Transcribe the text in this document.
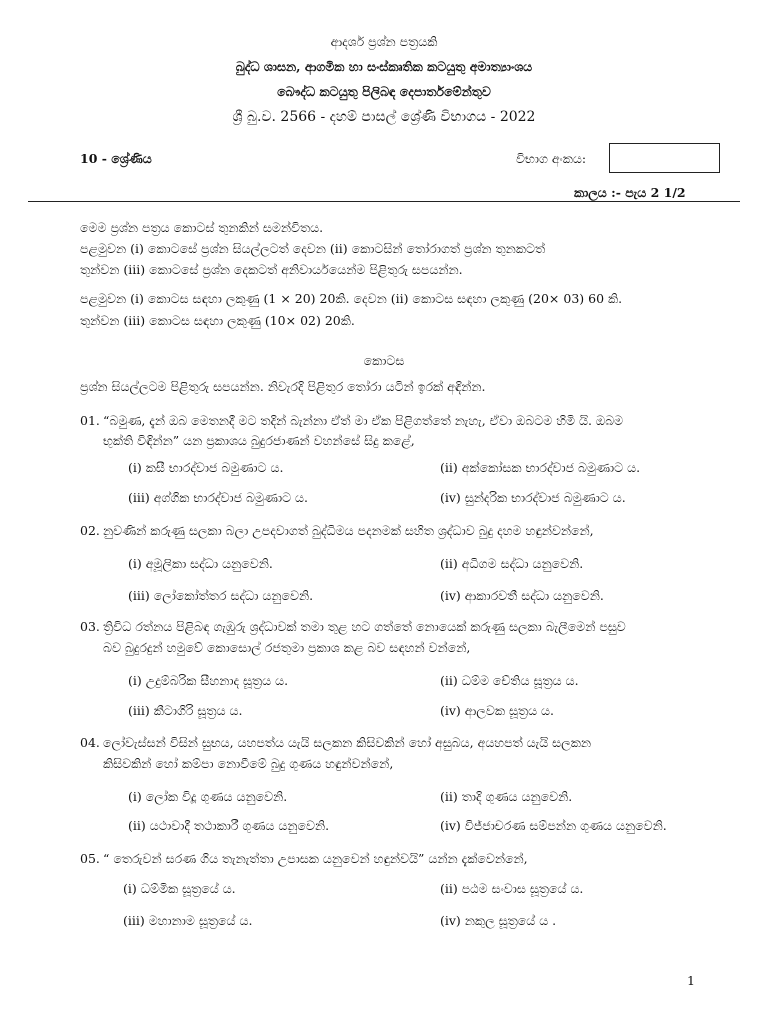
ආදර්ශ ප්‍රශ්න පත්‍රයකි
බුද්ධ ශාසන, ආගමික හා සංස්කෘතික කටයුතු අමාත්‍යාංශය
බෞද්ධ කටයුතු පිලිබඳ දෙපාර්තමේන්තුව
ශ්‍රී බු.ව. 2566 - දහම් පාසල් ශ්‍රේණි විභාගය - 2022
10 - ශ්‍රේණිය	විභාග අංකය:
කාලය :- පැය 2 1/2
මෙම ප්‍රශ්න පත්‍රය කොටස් තුනකින් සමන්විතය.
පළමුවන (i) කොටසේ ප්‍රශ්න සියල්ලටත් දෙවන (ii) කොටසින් තෝරාගත් ප්‍රශ්න තුනකටත්
තුන්වන (iii) කොටසේ ප්‍රශ්න දෙකටත් අනිවාර්යයෙන්ම පිළිතුරු සපයන්න.
පළමුවන (i) කොටස සඳහා ලකුණු (1 × 20) 20කි. දෙවන (ii) කොටස සඳහා ලකුණු (20× 03) 60 කි.
තුන්වන (iii) කොටස සඳහා ලකුණු (10× 02) 20කි.
කොටස
ප්‍රශ්න සියල්ලටම පිළිතුරු සපයන්න. නිවැරදි පිළිතුර තෝරා යටින් ඉරක් අඳින්න.
01. “බමුණ, දැන් ඔබ මෙතනදී මට තදින් බැන්නා ඒත් මා ඒක පිළිගත්තේ නැහැ, ඒවා ඔබටම හිමි යි. ඔබම
භුක්ති විඳින්න” යන ප්‍රකාශය බුදුරජාණන් වහන්සේ සිදු කළේ,
(i) කසී භාරද්වාජ බමුණාට ය.	(ii) අක්කෝසක භාරද්වාජ බමුණාට ය.
(iii) අග්ගික භාරද්වාජ බමුණාට ය.	(iv) සුන්දරික භාරද්වාජ බමුණාට ය.
02. නුවණින් කරුණු සලකා බලා උපදවාගත් බුද්ධිමය පදනමක් සහිත ශ්‍රද්ධාව බුදු දහම හඳුන්වන්නේ,
(i) අමූලිකා සද්ධා යනුවෙනි.	(ii) අධිගම සද්ධා යනුවෙනි.
(iii) ලෝකෝත්තර සද්ධා යනුවෙනි.	(iv) ආකාරවතී සද්ධා යනුවෙනි.
03. ත්‍රිවිධ රත්නය පිළිබඳ ගැඹුරු ශ්‍රද්ධාවක් තමා තුළ හට ගත්තේ නොයෙක් කරුණු සලකා බැලීමෙන් පසුව
බව බුදුරදුන් හමුවේ කොසොල් රජතුමා ප්‍රකාශ කළ බව සඳහන් වන්නේ,
(i) උදුම්බරික සීහනාද සූත්‍රය ය.	(ii) ධම්ම චේතිය සූත්‍රය ය.
(iii) කීටාගිරි සූත්‍රය ය.	(iv) ආලවක සූත්‍රය ය.
04. ලෝවැස්සන් විසින් සුභය, යහපත්ය යැයි සලකන කිසිවකින් හෝ අසුබය, අයහපත් යැයි සලකන
කිසිවකින් හෝ කම්පා නොවීමේ බුදු ගුණය හඳුන්වන්නේ,
(i) ලෝක විදූ ගුණය යනුවෙනි.	(ii) තාදි ගුණය යනුවෙනි.
(ii) යථාවාදී තථාකාරී ගුණය යනුවෙනි.	(iv) විජ්ජාචරණ සම්පන්න ගුණය යනුවෙනි.
05. “ තෙරුවන් සරණ ගිය තැනැත්තා උපාසක යනුවෙන් හඳුන්වයි” යන්න දැක්වෙන්නේ,
(i) ධම්මික සූත්‍රයේ ය.	(ii) පඨම සංවාස සූත්‍රයේ ය.
(iii) මහානාම සූත්‍රයේ ය.	(iv) නකුල සූත්‍රයේ ය .
1
